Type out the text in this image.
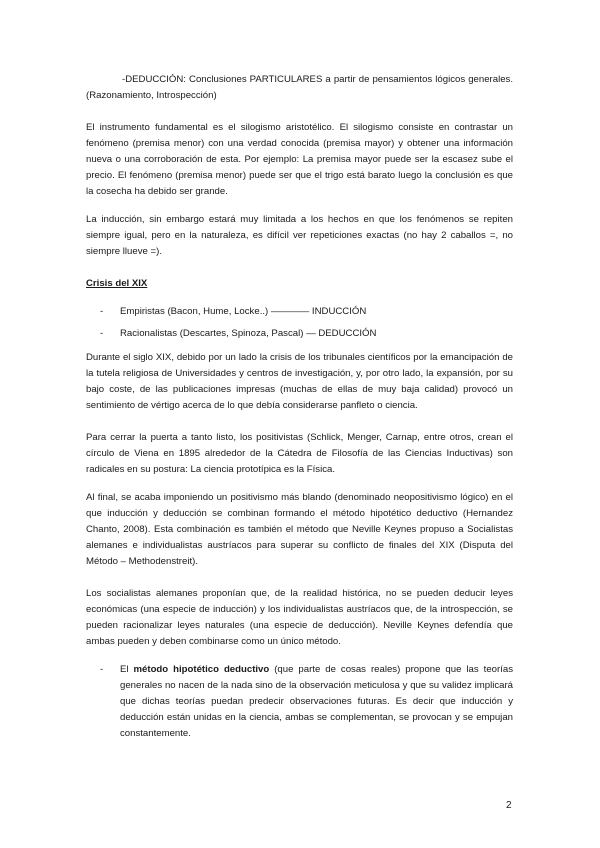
-DEDUCCIÓN: Conclusiones PARTICULARES a partir de pensamientos lógicos generales. (Razonamiento, Introspección)

El instrumento fundamental es el silogismo aristotélico. El silogismo consiste en contrastar un fenómeno (premisa menor) con una verdad conocida (premisa mayor) y obtener una información nueva o una corroboración de esta. Por ejemplo: La premisa mayor puede ser la escasez sube el precio. El fenómeno (premisa menor) puede ser que el trigo está barato luego la conclusión es que la cosecha ha debido ser grande.

La inducción, sin embargo estará muy limitada a los hechos en que los fenómenos se repiten siempre igual, pero en la naturaleza, es difícil ver repeticiones exactas (no hay 2 caballos =, no siempre llueve =).

Crisis del XIX

- Empiristas (Bacon, Hume, Locke..) ———— INDUCCIÓN
- Racionalistas (Descartes, Spinoza, Pascal) — DEDUCCIÓN

Durante el siglo XIX, debido por un lado la crisis de los tribunales científicos por la emancipación de la tutela religiosa de Universidades y centros de investigación, y, por otro lado, la expansión, por su bajo coste, de las publicaciones impresas (muchas de ellas de muy baja calidad) provocó un sentimiento de vértigo acerca de lo que debía considerarse panfleto o ciencia.

Para cerrar la puerta a tanto listo, los positivistas (Schlick, Menger, Carnap, entre otros, crean el círculo de Viena en 1895 alrededor de la Cátedra de Filosofía de las Ciencias Inductivas) son radicales en su postura: La ciencia prototípica es la Física.

Al final, se acaba imponiendo un positivismo más blando (denominado neopositivismo lógico) en el que inducción y deducción se combinan formando el método hipotético deductivo (Hernandez Chanto, 2008). Esta combinación es también el método que Neville Keynes propuso a Socialistas alemanes e individualistas austríacos para superar su conflicto de finales del XIX (Disputa del Método – Methodenstreit).

Los socialistas alemanes proponían que, de la realidad histórica, no se pueden deducir leyes económicas (una especie de inducción) y los individualistas austríacos que, de la introspección, se pueden racionalizar leyes naturales (una especie de deducción). Neville Keynes defendía que ambas pueden y deben combinarse como un único método.

- El método hipotético deductivo (que parte de cosas reales) propone que las teorías generales no nacen de la nada sino de la observación meticulosa y que su validez implicará que dichas teorías puedan predecir observaciones futuras. Es decir que inducción y deducción están unidas en la ciencia, ambas se complementan, se provocan y se empujan constantemente.

2
